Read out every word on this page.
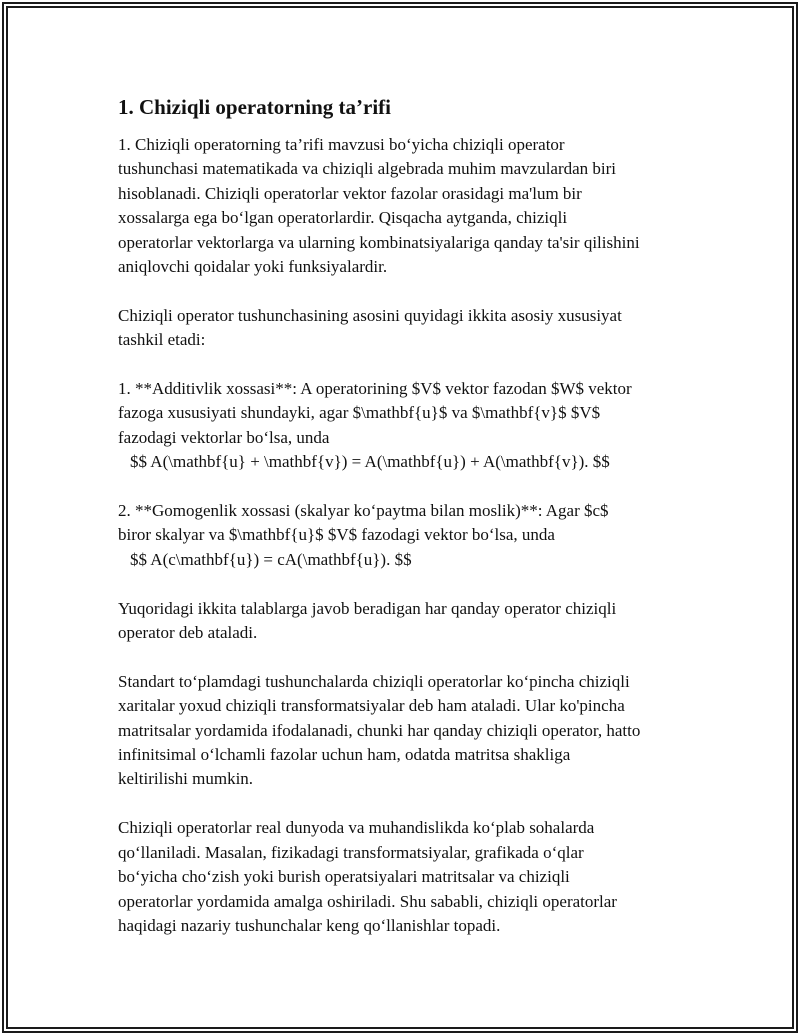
1. Chiziqli operatorning ta’rifi
1. Chiziqli operatorning ta’rifi mavzusi bo‘yicha chiziqli operator
tushunchasi matematikada va chiziqli algebrada muhim mavzulardan biri
hisoblanadi. Chiziqli operatorlar vektor fazolar orasidagi ma'lum bir
xossalarga ega bo‘lgan operatorlardir. Qisqacha aytganda, chiziqli
operatorlar vektorlarga va ularning kombinatsiyalariga qanday ta'sir qilishini
aniqlovchi qoidalar yoki funksiyalardir.
Chiziqli operator tushunchasining asosini quyidagi ikkita asosiy xususiyat
tashkil etadi:
1. **Additivlik xossasi**: A operatorining $V$ vektor fazodan $W$ vektor
fazoga xususiyati shundayki, agar $\mathbf{u}$ va $\mathbf{v}$ $V$
fazodagi vektorlar bo‘lsa, unda
$$ A(\mathbf{u} + \mathbf{v}) = A(\mathbf{u}) + A(\mathbf{v}). $$
2. **Gomogenlik xossasi (skalyar ko‘paytma bilan moslik)**: Agar $c$
biror skalyar va $\mathbf{u}$ $V$ fazodagi vektor bo‘lsa, unda
$$ A(c\mathbf{u}) = cA(\mathbf{u}). $$
Yuqoridagi ikkita talablarga javob beradigan har qanday operator chiziqli
operator deb ataladi.
Standart to‘plamdagi tushunchalarda chiziqli operatorlar ko‘pincha chiziqli
xaritalar yoxud chiziqli transformatsiyalar deb ham ataladi. Ular ko'pincha
matritsalar yordamida ifodalanadi, chunki har qanday chiziqli operator, hatto
infinitsimal o‘lchamli fazolar uchun ham, odatda matritsa shakliga
keltirilishi mumkin.
Chiziqli operatorlar real dunyoda va muhandislikda ko‘plab sohalarda
qo‘llaniladi. Masalan, fizikadagi transformatsiyalar, grafikada o‘qlar
bo‘yicha cho‘zish yoki burish operatsiyalari matritsalar va chiziqli
operatorlar yordamida amalga oshiriladi. Shu sababli, chiziqli operatorlar
haqidagi nazariy tushunchalar keng qo‘llanishlar topadi.
